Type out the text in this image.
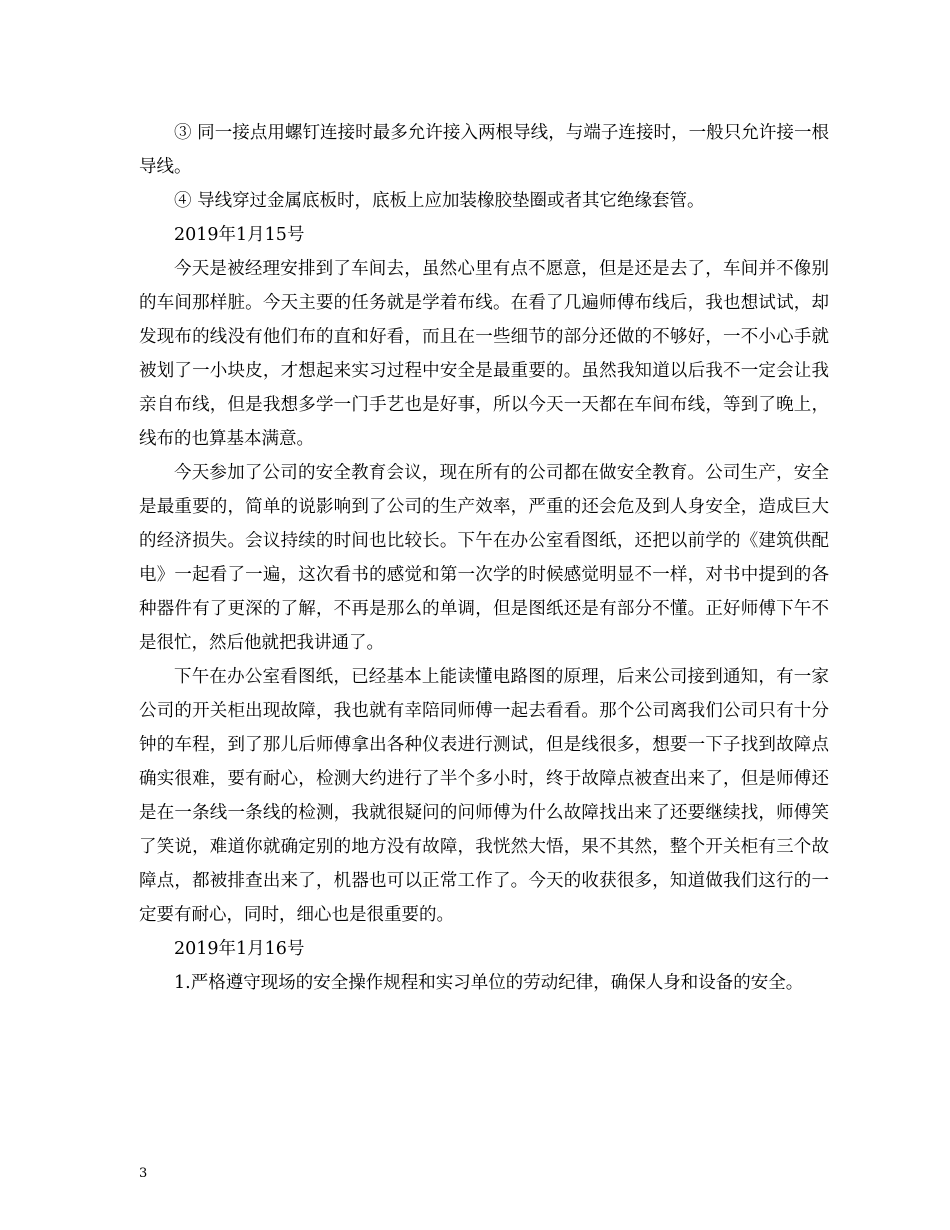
③ 同一接点用螺钉连接时最多允许接入两根导线，与端子连接时，一般只允许接一根导线。

④ 导线穿过金属底板时，底板上应加装橡胶垫圈或者其它绝缘套管。

2019年1月15号

今天是被经理安排到了车间去，虽然心里有点不愿意，但是还是去了，车间并不像别的车间那样脏。今天主要的任务就是学着布线。在看了几遍师傅布线后，我也想试试，却发现布的线没有他们布的直和好看，而且在一些细节的部分还做的不够好，一不小心手就被划了一小块皮，才想起来实习过程中安全是最重要的。虽然我知道以后我不一定会让我亲自布线，但是我想多学一门手艺也是好事，所以今天一天都在车间布线，等到了晚上，线布的也算基本满意。

今天参加了公司的安全教育会议，现在所有的公司都在做安全教育。公司生产，安全是最重要的，简单的说影响到了公司的生产效率，严重的还会危及到人身安全，造成巨大的经济损失。会议持续的时间也比较长。下午在办公室看图纸，还把以前学的《建筑供配电》一起看了一遍，这次看书的感觉和第一次学的时候感觉明显不一样，对书中提到的各种器件有了更深的了解，不再是那么的单调，但是图纸还是有部分不懂。正好师傅下午不是很忙，然后他就把我讲通了。

下午在办公室看图纸，已经基本上能读懂电路图的原理，后来公司接到通知，有一家公司的开关柜出现故障，我也就有幸陪同师傅一起去看看。那个公司离我们公司只有十分钟的车程，到了那儿后师傅拿出各种仪表进行测试，但是线很多，想要一下子找到故障点确实很难，要有耐心，检测大约进行了半个多小时，终于故障点被查出来了，但是师傅还是在一条线一条线的检测，我就很疑问的问师傅为什么故障找出来了还要继续找，师傅笑了笑说，难道你就确定别的地方没有故障，我恍然大悟，果不其然，整个开关柜有三个故障点，都被排查出来了，机器也可以正常工作了。今天的收获很多，知道做我们这行的一定要有耐心，同时，细心也是很重要的。

2019年1月16号

1.严格遵守现场的安全操作规程和实习单位的劳动纪律，确保人身和设备的安全。

3
